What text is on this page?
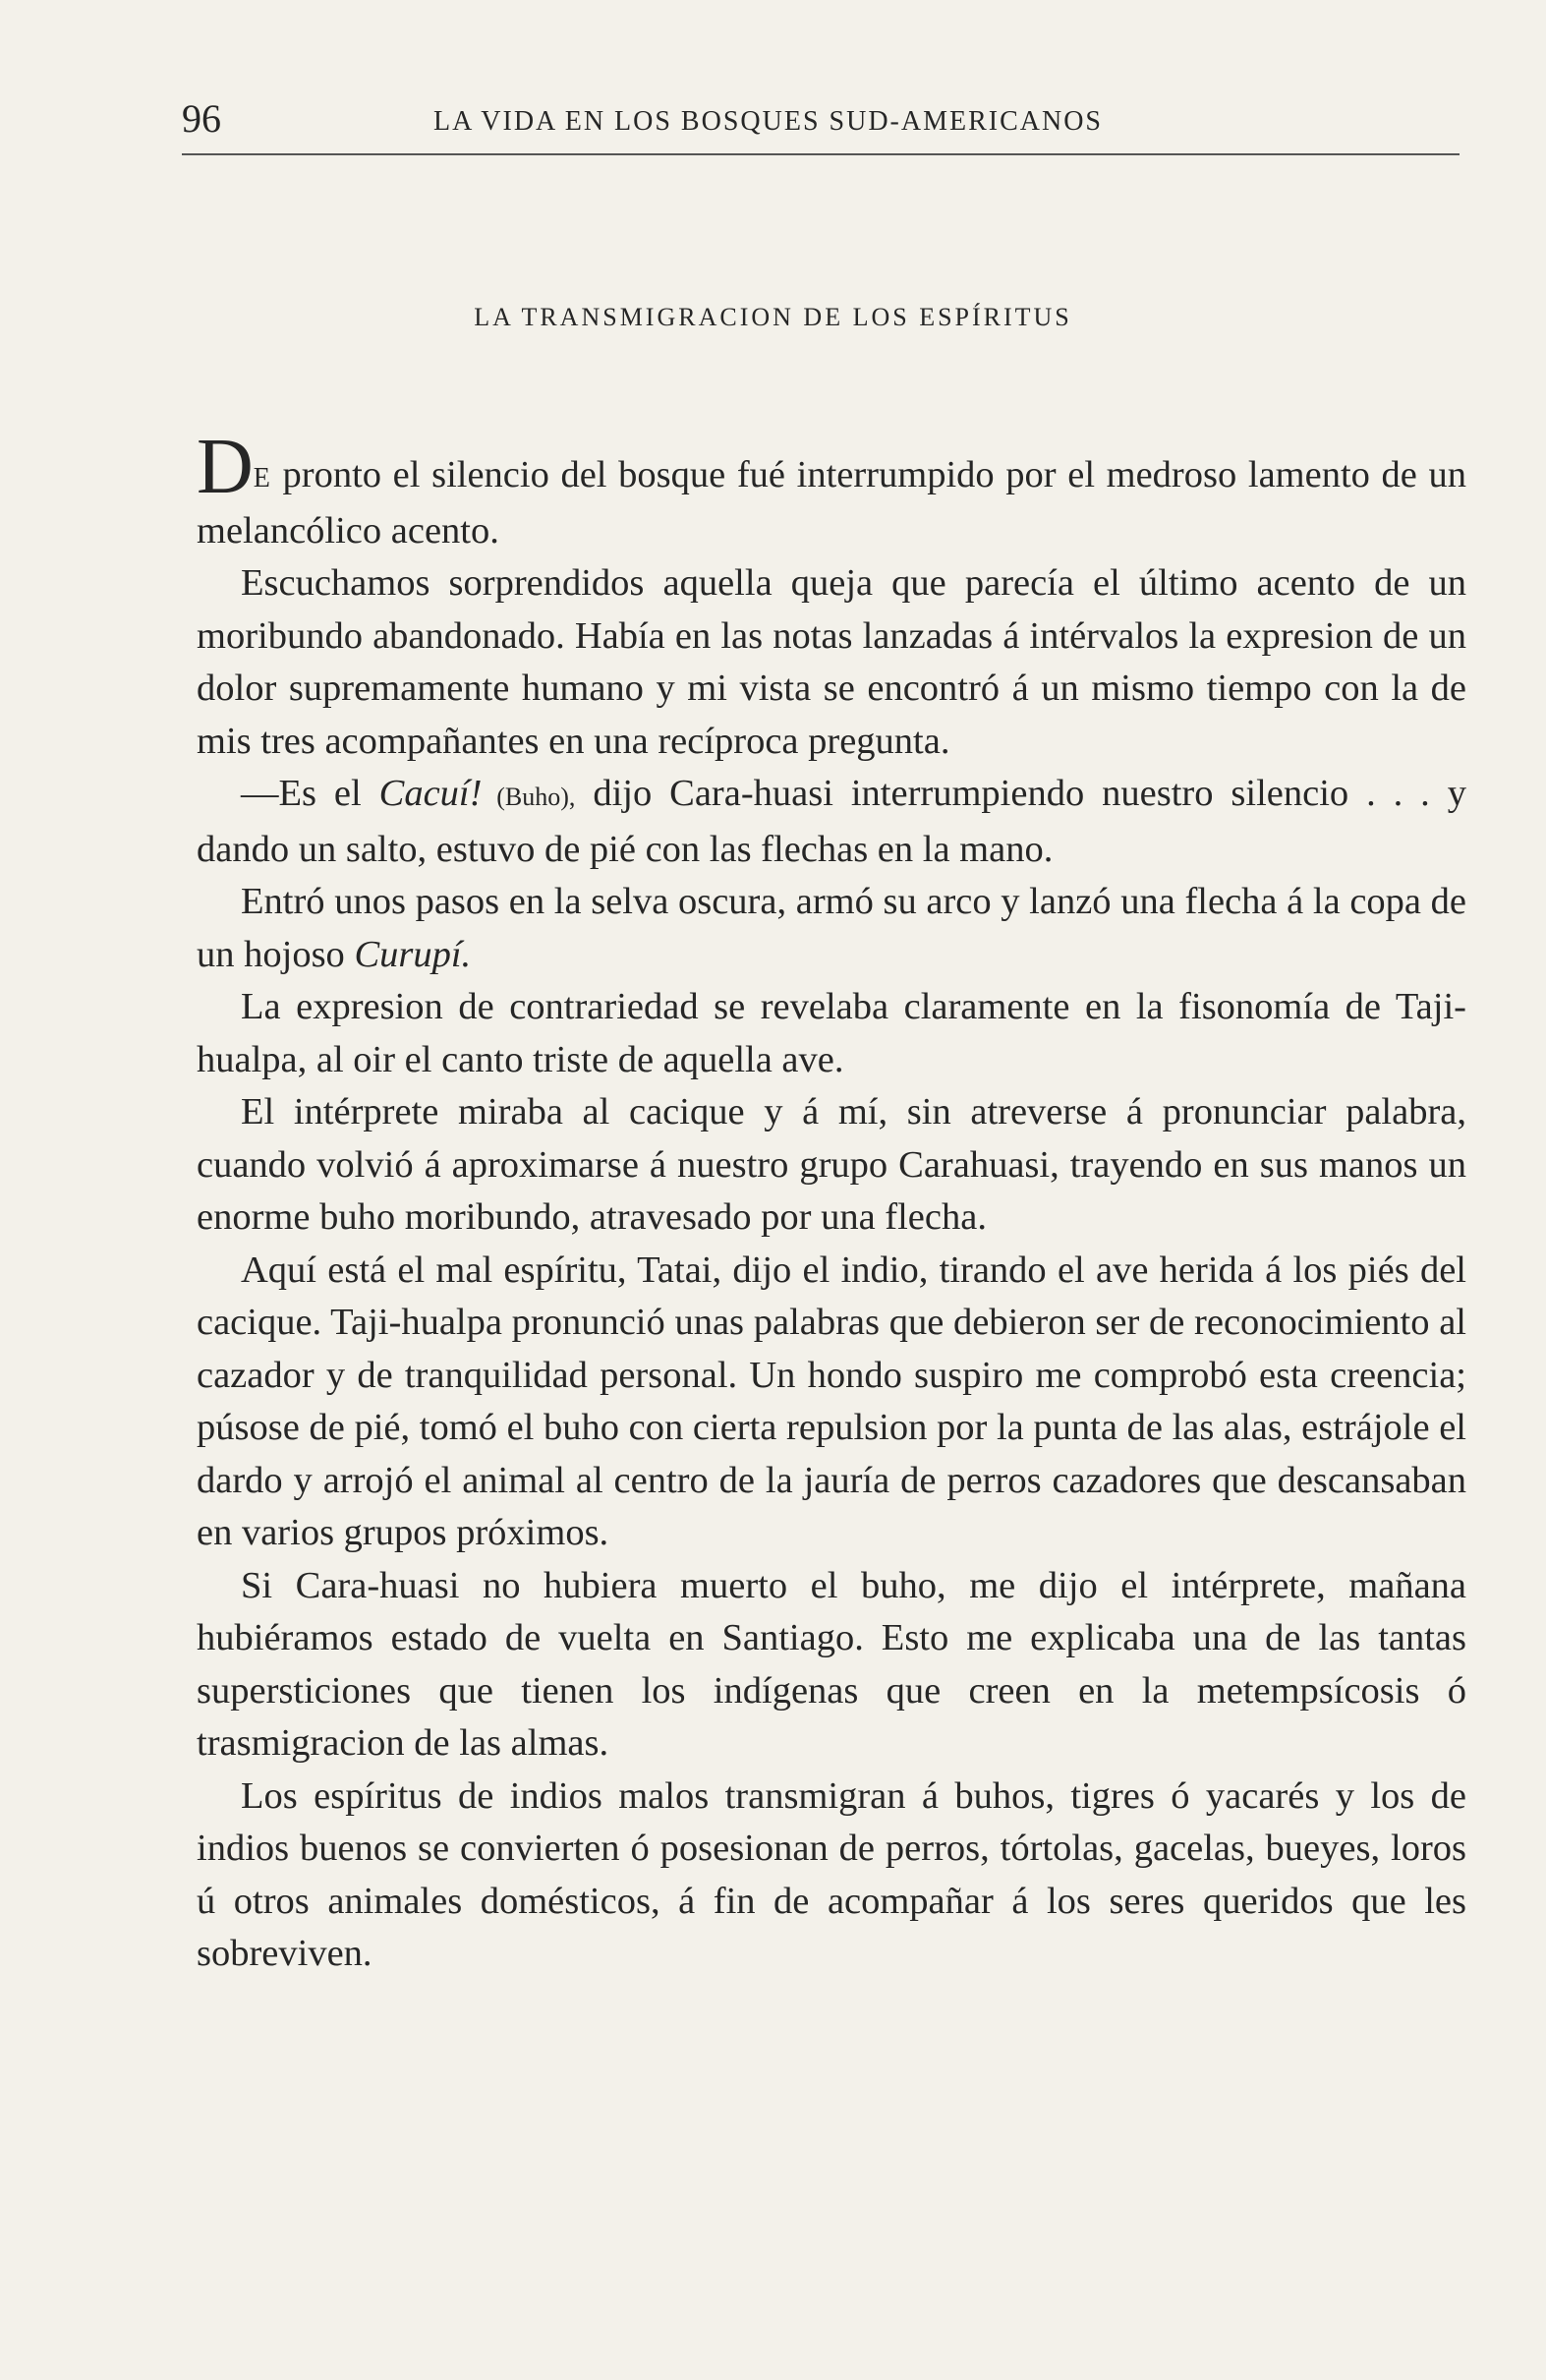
96	LA VIDA EN LOS BOSQUES SUD-AMERICANOS
LA TRANSMIGRACION DE LOS ESPÍRITUS

DE pronto el silencio del bosque fué interrumpido por el medroso lamento de un melancólico acento.

Escuchamos sorprendidos aquella queja que parecía el último acento de un moribundo abandonado. Había en las notas lanzadas á intérvalos la expresion de un dolor supremamente humano y mi vista se encontró á un mismo tiempo con la de mis tres acompañantes en una recíproca pregunta.

—Es el Cacuí! (Buho), dijo Cara-huasi interrumpiendo nuestro silencio . . . y dando un salto, estuvo de pié con las flechas en la mano.

Entró unos pasos en la selva oscura, armó su arco y lanzó una flecha á la copa de un hojoso Curupí.

La expresion de contrariedad se revelaba claramente en la fisonomía de Taji-hualpa, al oir el canto triste de aquella ave.

El intérprete miraba al cacique y á mí, sin atreverse á pronunciar palabra, cuando volvió á aproximarse á nuestro grupo Carahuasi, trayendo en sus manos un enorme buho moribundo, atravesado por una flecha.

Aquí está el mal espíritu, Tatai, dijo el indio, tirando el ave herida á los piés del cacique. Taji-hualpa pronunció unas palabras que debieron ser de reconocimiento al cazador y de tranquilidad personal. Un hondo suspiro me comprobó esta creencia; púsose de pié, tomó el buho con cierta repulsion por la punta de las alas, estrájole el dardo y arrojó el animal al centro de la jauría de perros cazadores que descansaban en varios grupos próximos.

Si Cara-huasi no hubiera muerto el buho, me dijo el intérprete, mañana hubiéramos estado de vuelta en Santiago. Esto me explicaba una de las tantas supersticiones que tienen los indígenas que creen en la metempsícosis ó trasmigracion de las almas.

Los espíritus de indios malos transmigran á buhos, tigres ó yacarés y los de indios buenos se convierten ó posesionan de perros, tórtolas, gacelas, bueyes, loros ú otros animales domésticos, á fin de acompañar á los seres queridos que les sobreviven.
